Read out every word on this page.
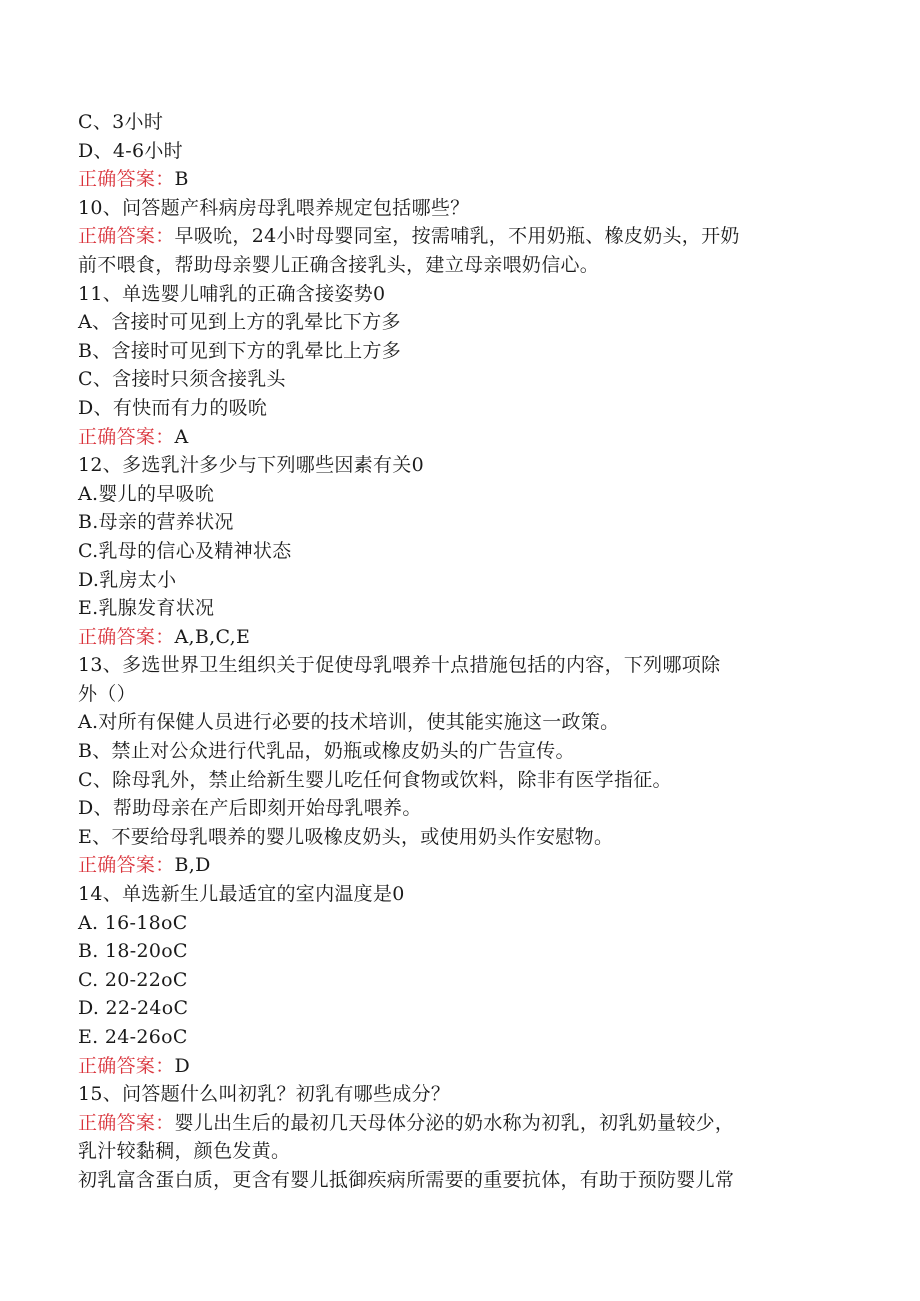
C、3小时
D、4-6小时
正确答案：B
10、问答题产科病房母乳喂养规定包括哪些？
正确答案：早吸吮，24小时母婴同室，按需哺乳，不用奶瓶、橡皮奶头，开奶
前不喂食，帮助母亲婴儿正确含接乳头，建立母亲喂奶信心。
11、单选婴儿哺乳的正确含接姿势0
A、含接时可见到上方的乳晕比下方多
B、含接时可见到下方的乳晕比上方多
C、含接时只须含接乳头
D、有快而有力的吸吮
正确答案：A
12、多选乳汁多少与下列哪些因素有关0
A.婴儿的早吸吮
B.母亲的营养状况
C.乳母的信心及精神状态
D.乳房太小
E.乳腺发育状况
正确答案：A,B,C,E
13、多选世界卫生组织关于促使母乳喂养十点措施包括的内容，下列哪项除
外（）
A.对所有保健人员进行必要的技术培训，使其能实施这一政策。
B、禁止对公众进行代乳品，奶瓶或橡皮奶头的广告宣传。
C、除母乳外，禁止给新生婴儿吃任何食物或饮料，除非有医学指征。
D、帮助母亲在产后即刻开始母乳喂养。
E、不要给母乳喂养的婴儿吸橡皮奶头，或使用奶头作安慰物。
正确答案：B,D
14、单选新生儿最适宜的室内温度是0
A. 16-18oC
B. 18-20oC
C. 20-22oC
D. 22-24oC
E. 24-26oC
正确答案：D
15、问答题什么叫初乳？初乳有哪些成分？
正确答案：婴儿出生后的最初几天母体分泌的奶水称为初乳，初乳奶量较少，
乳汁较黏稠，颜色发黄。
初乳富含蛋白质，更含有婴儿抵御疾病所需要的重要抗体，有助于预防婴儿常
